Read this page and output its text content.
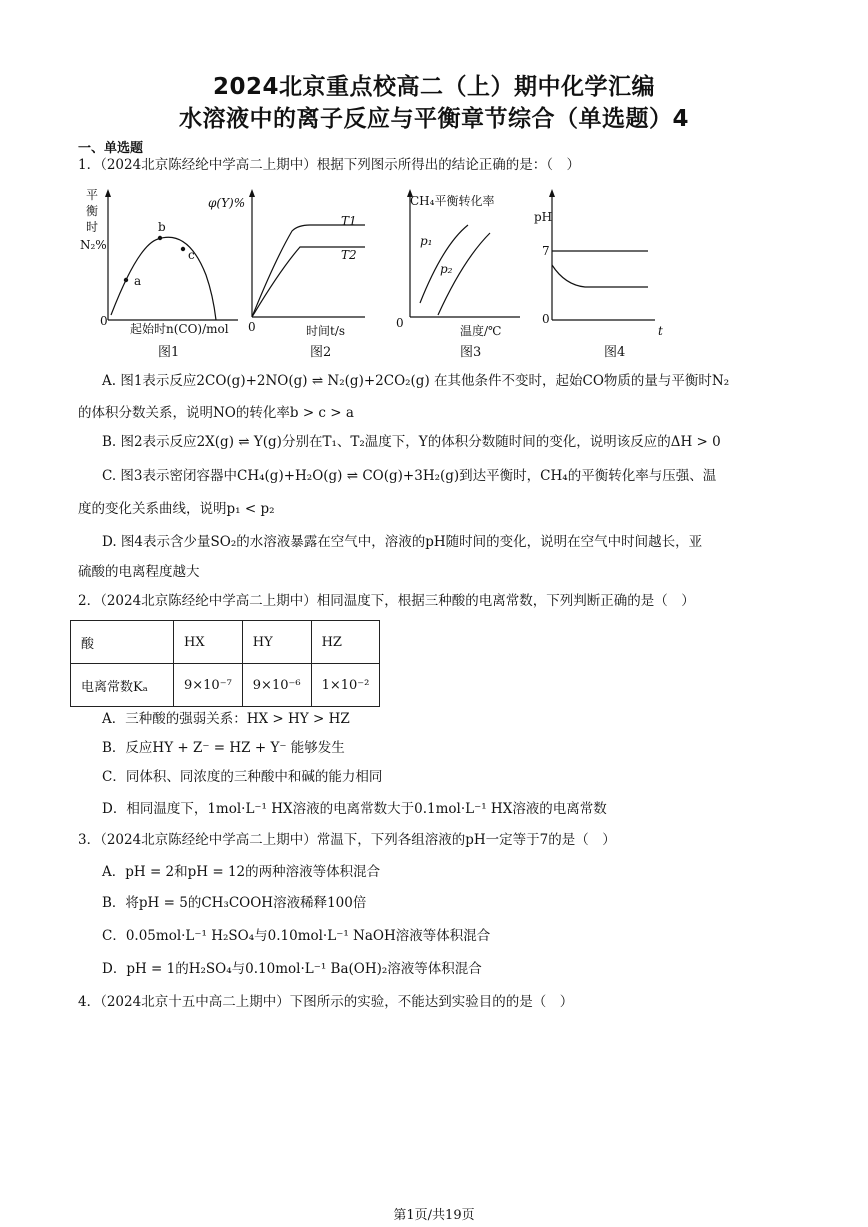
2024北京重点校高二（上）期中化学汇编
水溶液中的离子反应与平衡章节综合（单选题）4
一、单选题
1．（2024北京陈经纶中学高二上期中）根据下列图示所得出的结论正确的是：（　）
平
衡
时
N₂%
0
a
b
c
起始时n(CO)/mol
图1
φ(Y)%
0
T1
T2
时间t/s
图2
CH₄平衡转化率
0
p₁
p₂
温度/℃
图3
pH
7
0
t
图4
A. 图1表示反应2CO(g)+2NO(g) ⇌ N₂(g)+2CO₂(g) 在其他条件不变时，起始CO物质的量与平衡时N₂
的体积分数关系，说明NO的转化率b > c > a
B. 图2表示反应2X(g) ⇌ Y(g)分别在T₁、T₂温度下，Y的体积分数随时间的变化，说明该反应的ΔH > 0
C. 图3表示密闭容器中CH₄(g)+H₂O(g) ⇌ CO(g)+3H₂(g)到达平衡时，CH₄的平衡转化率与压强、温
度的变化关系曲线，说明p₁ < p₂
D. 图4表示含少量SO₂的水溶液暴露在空气中，溶液的pH随时间的变化，说明在空气中时间越长，亚
硫酸的电离程度越大
2．（2024北京陈经纶中学高二上期中）相同温度下，根据三种酸的电离常数，下列判断正确的是（　）
酸	HX	HY	HZ
电离常数Kₐ	9×10⁻⁷	9×10⁻⁶	1×10⁻²
A．三种酸的强弱关系：HX > HY > HZ
B．反应HY + Z⁻ = HZ + Y⁻ 能够发生
C．同体积、同浓度的三种酸中和碱的能力相同
D．相同温度下，1mol·L⁻¹ HX溶液的电离常数大于0.1mol·L⁻¹ HX溶液的电离常数
3．（2024北京陈经纶中学高二上期中）常温下，下列各组溶液的pH一定等于7的是（　）
A．pH = 2和pH = 12的两种溶液等体积混合
B．将pH = 5的CH₃COOH溶液稀释100倍
C．0.05mol·L⁻¹ H₂SO₄与0.10mol·L⁻¹ NaOH溶液等体积混合
D．pH = 1的H₂SO₄与0.10mol·L⁻¹ Ba(OH)₂溶液等体积混合
4．（2024北京十五中高二上期中）下图所示的实验，不能达到实验目的的是（　）
第1页/共19页
